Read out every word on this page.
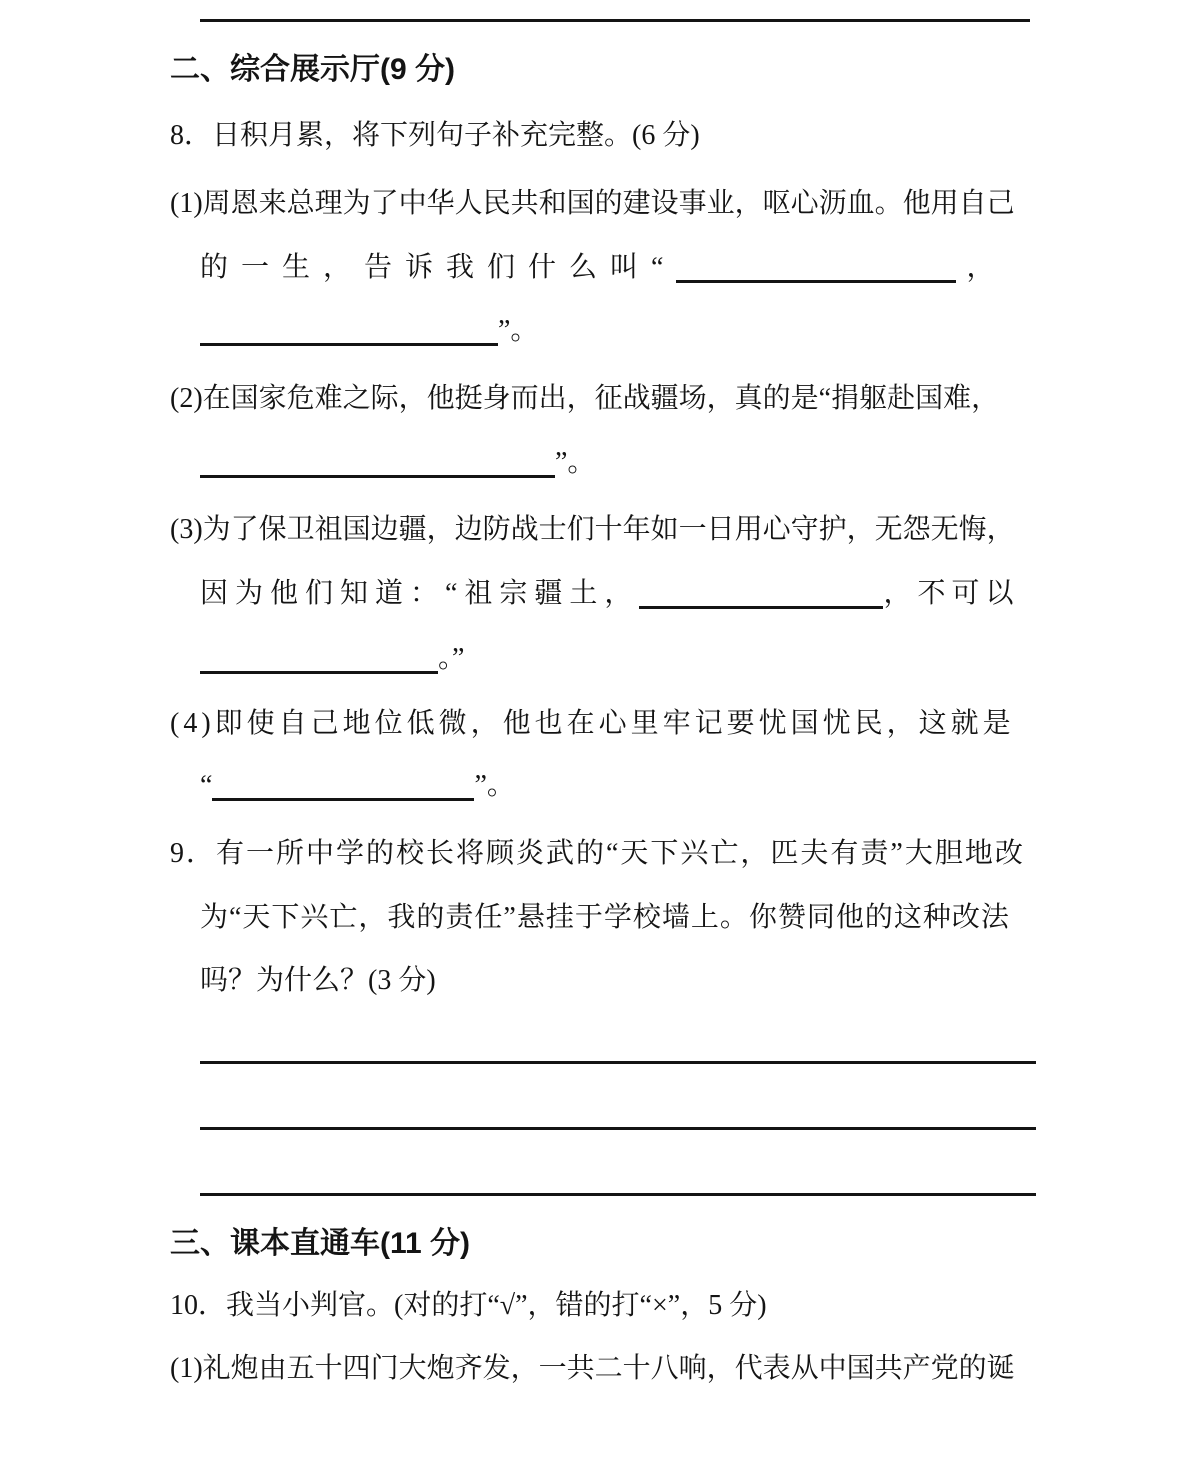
二、综合展示厅(9 分)
8．日积月累，将下列句子补充完整。(6 分)
(1)周恩来总理为了中华人民共和国的建设事业，呕心沥血。他用自己
的一生，告诉我们什么叫“	，
”。
(2)在国家危难之际，他挺身而出，征战疆场，真的是“捐躯赴国难，
”。
(3)为了保卫祖国边疆，边防战士们十年如一日用心守护，无怨无悔，
因为他们知道：“祖宗疆土，	，不可以
。”
(4)即使自己地位低微，他也在心里牢记要忧国忧民，这就是
“	”。
9．有一所中学的校长将顾炎武的“天下兴亡，匹夫有责”大胆地改
为“天下兴亡，我的责任”悬挂于学校墙上。你赞同他的这种改法
吗？为什么？(3 分)
三、课本直通车(11 分)
10．我当小判官。(对的打“√”，错的打“×”，5 分)
(1)礼炮由五十四门大炮齐发，一共二十八响，代表从中国共产党的诞
